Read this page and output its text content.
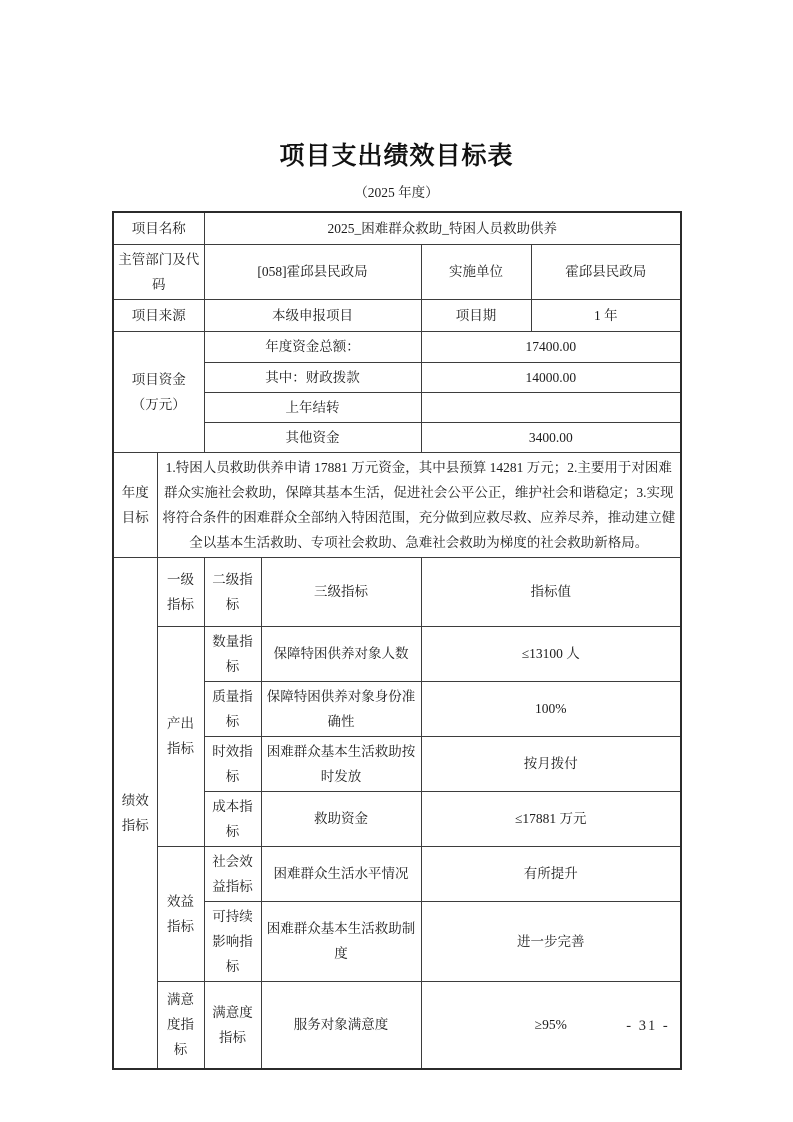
项目支出绩效目标表
（2025 年度）
项目名称		2025_困难群众救助_特困人员救助供养			
主管部门及代码		[058]霍邱县民政局		实施单位	霍邱县民政局
项目来源		本级申报项目		项目期	1 年

项目资金
（万元）		年度资金总额：		17400.00	
		其中：财政拨款		14000.00	
		上年结转			
		其他资金		3400.00	
年度目标	1.特困人员救助供养申请 17881 万元资金，其中县预算 14281 万元；2.主要用于对困难群众实施社会救助，保障其基本生活，促进社会公平公正，维护社会和谐稳定；3.实现将符合条件的困难群众全部纳入特困范围，充分做到应救尽救、应养尽养，推动建立健全以基本生活救助、专项社会救助、急难社会救助为梯度的社会救助新格局。				
绩效指标	一级指标	二级指标	三级指标	指标值	
	产出指标	数量指标	保障特困供养对象人数	≤13100 人	
		质量指标	保障特困供养对象身份准确性	100%	
		时效指标	困难群众基本生活救助按时发放	按月拨付	
		成本指标	救助资金	≤17881 万元	
	效益指标	社会效益指标	困难群众生活水平情况	有所提升	
		可持续影响指标	困难群众基本生活救助制度	进一步完善	
	满意度指标	满意度指标	服务对象满意度	≥95%		- 31 -
